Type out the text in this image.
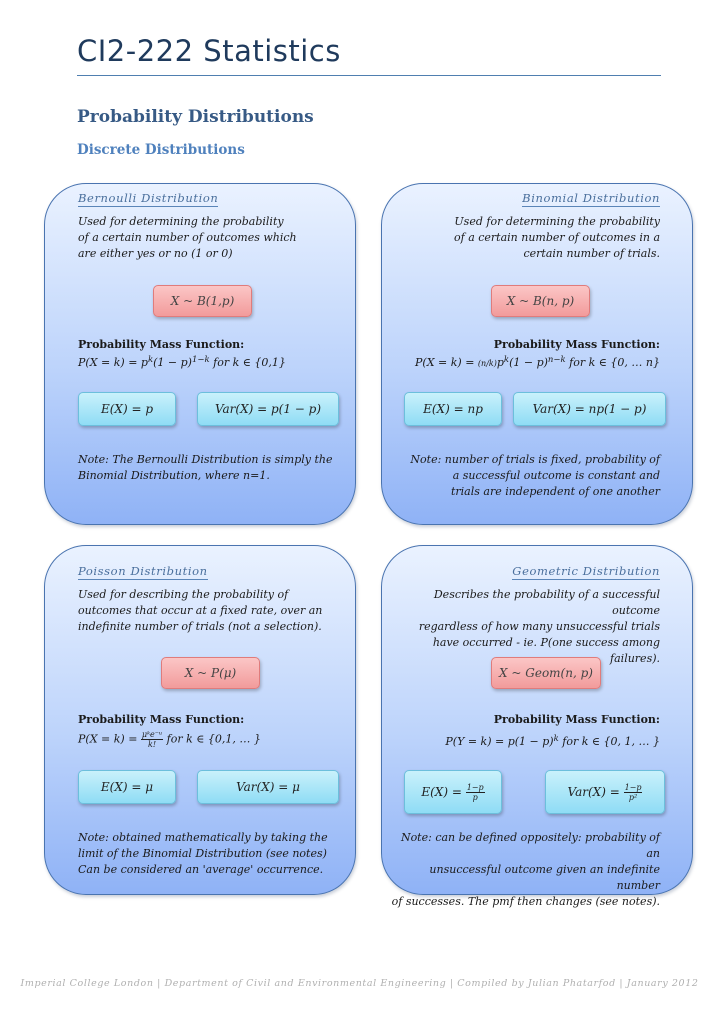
CI2-222 Statistics
Probability Distributions
Discrete Distributions
Bernoulli Distribution
Used for determining the probability
of a certain number of outcomes which
are either yes or no (1 or 0)
X ~ B(1,p)
Probability Mass Function:
$P(X = k) = p^k(1 - p)^{1-k}$ for k ∈ {0,1}
E(X) = p	Var(X) = p(1 − p)
Note: The Bernoulli Distribution is simply the
Binomial Distribution, where n=1.
Binomial Distribution
Used for determining the probability
of a certain number of outcomes in a
certain number of trials.
X ~ B(n, p)
Probability Mass Function:
$P(X = k) = (n/k)p^k(1 - p)^{n-k}$ for k ∈ {0, … n}
E(X) = np	Var(X) = np(1 − p)
Note: number of trials is fixed, probability of
a successful outcome is constant and
trials are independent of one another
Poisson Distribution
Used for describing the probability of
outcomes that occur at a fixed rate, over an
indefinite number of trials (not a selection).
X ~ P(μ)
Probability Mass Function:
$P(X = k) = \frac{\text{μᵏe⁻ᵘ}}{k!}$ for k ∈ {0,1, … }
E(X) = μ	Var(X) = μ
Note: obtained mathematically by taking the
limit of the Binomial Distribution (see notes)
Can be considered an 'average' occurrence.
Geometric Distribution
Describes the probability of a successful outcome
regardless of how many unsuccessful trials
have occurred - ie. P(one success among failures).
X ~ Geom(n, p)
Probability Mass Function:
$P(Y = k) = p(1 - p)^k$ for k ∈ {0, 1, … }
$E(X) = \frac{1-p}{p}$	$Var(X) = \frac{1-p}{\text{p²}}$
Note: can be defined oppositely: probability of an
unsuccessful outcome given an indefinite number
of successes. The pmf then changes (see notes).
Imperial College London | Department of Civil and Environmental Engineering | Compiled by Julian Phatarfod | January 2012
